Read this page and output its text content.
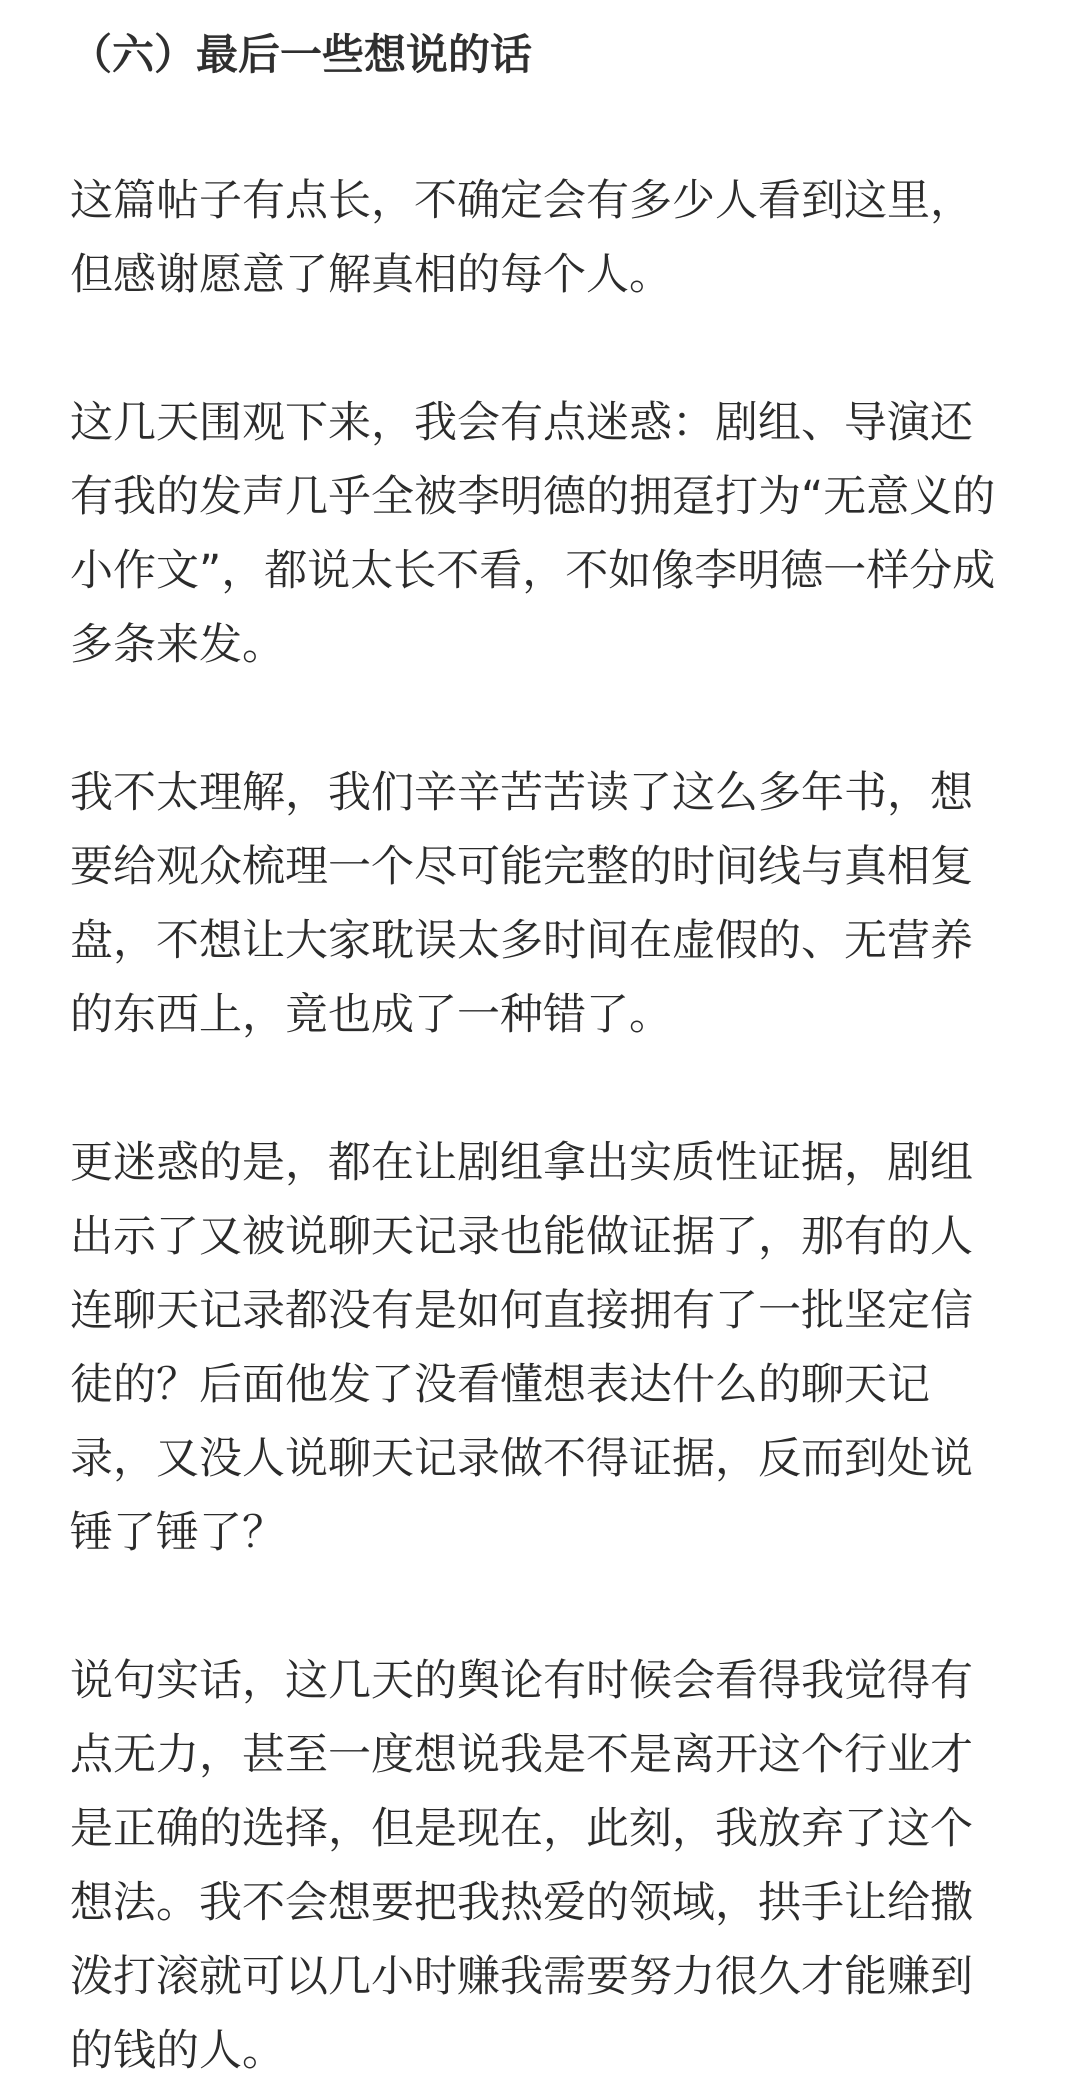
（六）最后一些想说的话

这篇帖子有点长，不确定会有多少人看到这里，但感谢愿意了解真相的每个人。

这几天围观下来，我会有点迷惑：剧组、导演还有我的发声几乎全被李明德的拥趸打为“无意义的小作文”，都说太长不看，不如像李明德一样分成多条来发。

我不太理解，我们辛辛苦苦读了这么多年书，想要给观众梳理一个尽可能完整的时间线与真相复盘，不想让大家耽误太多时间在虚假的、无营养的东西上，竟也成了一种错了。

更迷惑的是，都在让剧组拿出实质性证据，剧组出示了又被说聊天记录也能做证据了，那有的人连聊天记录都没有是如何直接拥有了一批坚定信徒的？后面他发了没看懂想表达什么的聊天记录，又没人说聊天记录做不得证据，反而到处说锤了锤了？

说句实话，这几天的舆论有时候会看得我觉得有点无力，甚至一度想说我是不是离开这个行业才是正确的选择，但是现在，此刻，我放弃了这个想法。我不会想要把我热爱的领域，拱手让给撒泼打滚就可以几小时赚我需要努力很久才能赚到的钱的人。
